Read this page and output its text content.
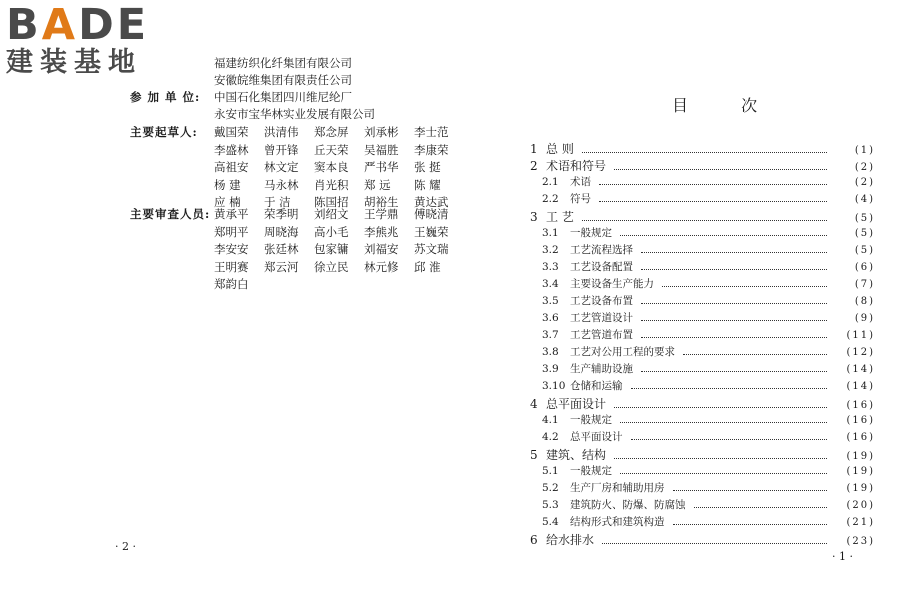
BADE
建装基地	福建纺织化纤集团有限公司
安徽皖维集团有限责任公司
参 加 单 位: 中国石化集团四川维尼纶厂
永安市宝华林实业发展有限公司
主要起草人: 戴国荣 洪清伟 郑念屏 刘承彬 李士范
李盛林 曾开锋 丘天荣 吴福胜 李康荣
高祖安 林文定 窦本良 严书华 张 挺
杨 建 马永林 肖光积 郑 远 陈 耀
应 楠 于 洁 陈国招 胡裕生 黄达武
主要审查人员: 黄承平 荣季明 刘绍文 王学鼎 傅晓清
郑明平 周晓海 高小毛 李熊兆 王巍荣
李安安 张廷林 包家镛 刘福安 苏文瑞
王明赛 郑云河 徐立民 林元修 邱 淮
郑韵白
· 2 ·
目 次
1 总 则	(1)
2 术语和符号	(2)
2.1	术语	(2)
2.2	符号	(4)
3 工 艺	(5)
3.1	一般规定	(5)
3.2	工艺流程选择	(5)
3.3	工艺设备配置	(6)
3.4	主要设备生产能力	(7)
3.5	工艺设备布置	(8)
3.6	工艺管道设计	(9)
3.7	工艺管道布置	(11)
3.8	工艺对公用工程的要求	(12)
3.9	生产辅助设施	(14)
3.10 仓储和运输	(14)
4 总平面设计	(16)
4.1	一般规定	(16)
4.2	总平面设计	(16)
5 建筑、结构	(19)
5.1	一般规定	(19)
5.2	生产厂房和辅助用房	(19)
5.3	建筑防火、防爆、防腐蚀	(20)
5.4	结构形式和建筑构造	(21)
6 给水排水	(23)
· 1 ·
